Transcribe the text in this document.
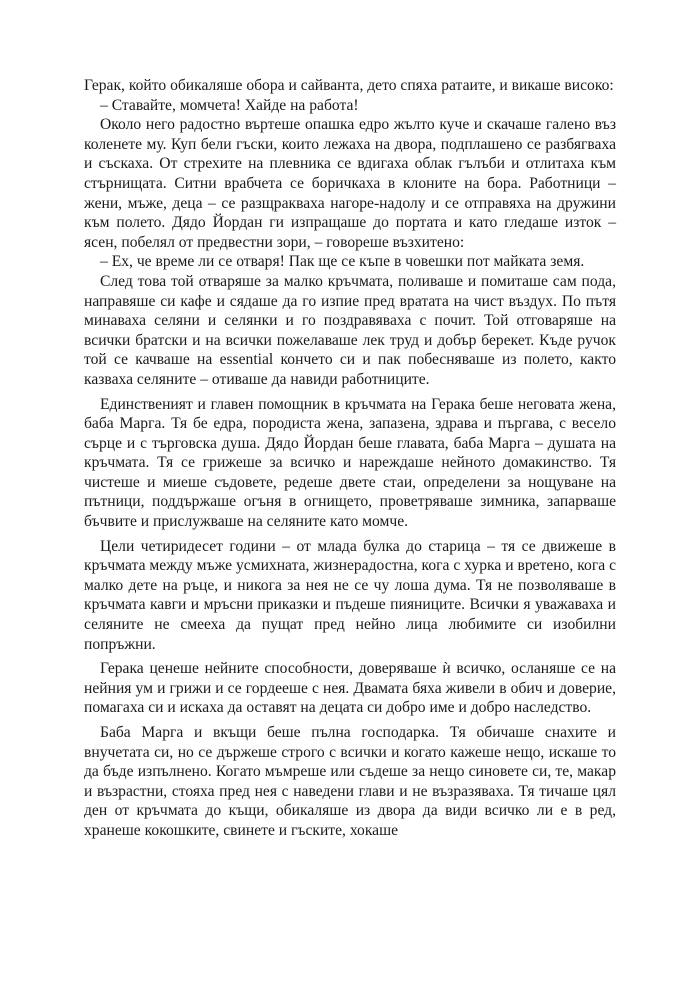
Герак, който обикаляше обора и сайванта, дето спяха ратаите, и викаше високо:

– Ставайте, момчета! Хайде на работа!

Около него радостно въртеше опашка едро жълто куче и скачаше галено въз коленете му. Куп бели гъски, които лежаха на двора, подплашено се разбягваха и съскаха. От стрехите на плевника се вдигаха облак гълъби и отлитаха към стърнищата. Ситни врабчета се боричкаха в клоните на бора. Работници – жени, мъже, деца – се разщракваха нагоре-надолу и се отправяха на дружини към полето. Дядо Йордан ги изпращаше до портата и като гледаше изток – ясен, побелял от предвестни зори, – говореше възхитено:

– Ех, че време ли се отваря! Пак ще се къпе в човешки пот майката земя.

След това той отваряше за малко кръчмата, поливаше и помиташе сам пода, направяше си кафе и сядаше да го изпие пред вратата на чист въздух. По пътя минаваха селяни и селянки и го поздравяваха с почит. Той отговаряше на всички братски и на всички пожелаваше лек труд и добър берекет. Къде ручок той се качваше на essential кончето си и пак побесняваше из полето, както казваха селяните – отиваше да навиди работниците.

Единственият и главен помощник в кръчмата на Герака беше неговата жена, баба Марга. Тя бе едра, породиста жена, запазена, здрава и пъргава, с весело сърце и с търговска душа. Дядо Йордан беше главата, баба Марга – душата на кръчмата. Тя се грижеше за всичко и нареждаше нейното домакинство. Тя чистеше и миеше съдовете, редеше двете стаи, определени за нощуване на пътници, поддържаше огъня в огнището, проветряваше зимника, запарваше бъчвите и прислужваше на селяните като момче.

Цели четиридесет години – от млада булка до старица – тя се движеше в кръчмата между мъже усмихната, жизнерадостна, кога с хурка и вретено, кога с малко дете на ръце, и никога за нея не се чу лоша дума. Тя не позволяваше в кръчмата кавги и мръсни приказки и пъдеше пияниците. Всички я уважаваха и селяните не смееха да пущат пред нейно лица любимите си изобилни попръжни.

Герака ценеше нейните способности, доверяваше ѝ всичко, осланяше се на нейния ум и грижи и се гордееше с нея. Двамата бяха живели в обич и доверие, помагаха си и искаха да оставят на децата си добро име и добро наследство.

Баба Марга и вкъщи беше пълна господарка. Тя обичаше снахите и внучетата си, но се държеше строго с всички и когато кажеше нещо, искаше то да бъде изпълнено. Когато мъмреше или съдеше за нещо синовете си, те, макар и възрастни, стояха пред нея с наведени глави и не възразяваха. Тя тичаше цял ден от кръчмата до къщи, обикаляше из двора да види всичко ли е в ред, хранеше кокошките, свинете и гъските, хокаше
